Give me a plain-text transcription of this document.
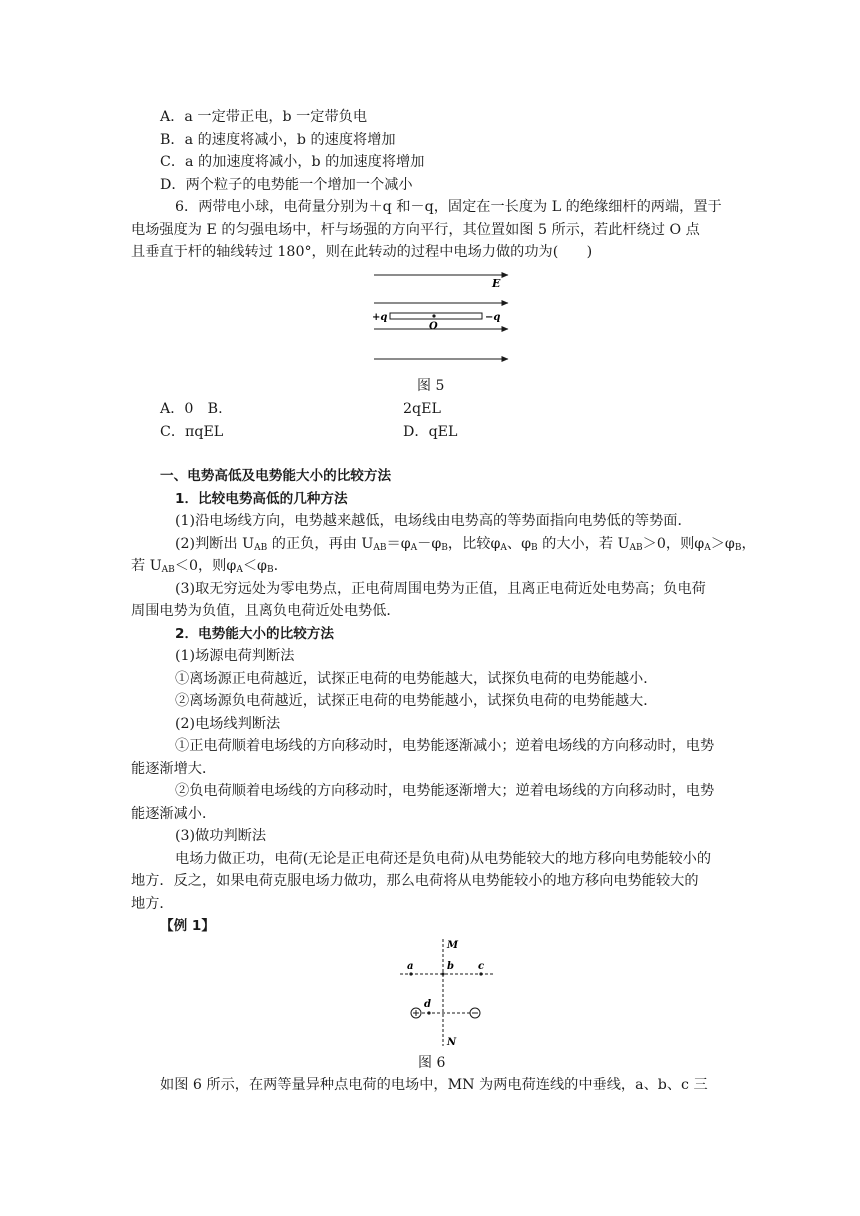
A．a 一定带正电，b 一定带负电
B．a 的速度将减小，b 的速度将增加
C．a 的加速度将减小，b 的加速度将增加
D．两个粒子的电势能一个增加一个减小
6．两带电小球，电荷量分别为＋q 和－q，固定在一长度为 L 的绝缘细杆的两端，置于
电场强度为 E 的匀强电场中，杆与场强的方向平行，其位置如图 5 所示，若此杆绕过 O 点
且垂直于杆的轴线转过 180°，则在此转动的过程中电场力做的功为(　　)
E
+q	−q
O
图 5
A．0　B.	2qEL
C．πqEL	D．qEL
一、电势高低及电势能大小的比较方法
1．比较电势高低的几种方法
(1)沿电场线方向，电势越来越低，电场线由电势高的等势面指向电势低的等势面．
(2)判断出 $U_{AB}$ 的正负，再由 $U_{AB}=\varphi_A-\varphi_B$，比较$\varphi_A$、$\varphi_B$ 的大小，若 $U_{AB}>0$，则$\varphi_A>\varphi_B$，
若 $U_{AB}<0$，则$\varphi_A<\varphi_B$.
(3)取无穷远处为零电势点，正电荷周围电势为正值，且离正电荷近处电势高；负电荷
周围电势为负值，且离负电荷近处电势低．
2．电势能大小的比较方法
(1)场源电荷判断法
①离场源正电荷越近，试探正电荷的电势能越大，试探负电荷的电势能越小．
②离场源负电荷越近，试探正电荷的电势能越小，试探负电荷的电势能越大．
(2)电场线判断法
①正电荷顺着电场线的方向移动时，电势能逐渐减小；逆着电场线的方向移动时，电势
能逐渐增大．
②负电荷顺着电场线的方向移动时，电势能逐渐增大；逆着电场线的方向移动时，电势
能逐渐减小．
(3)做功判断法
电场力做正功，电荷(无论是正电荷还是负电荷)从电势能较大的地方移向电势能较小的
地方．反之，如果电荷克服电场力做功，那么电荷将从电势能较小的地方移向电势能较大的
地方．
【例 1】
M
a	b c
d
N
图 6
如图 6 所示，在两等量异种点电荷的电场中，MN 为两电荷连线的中垂线，a、b、c 三
